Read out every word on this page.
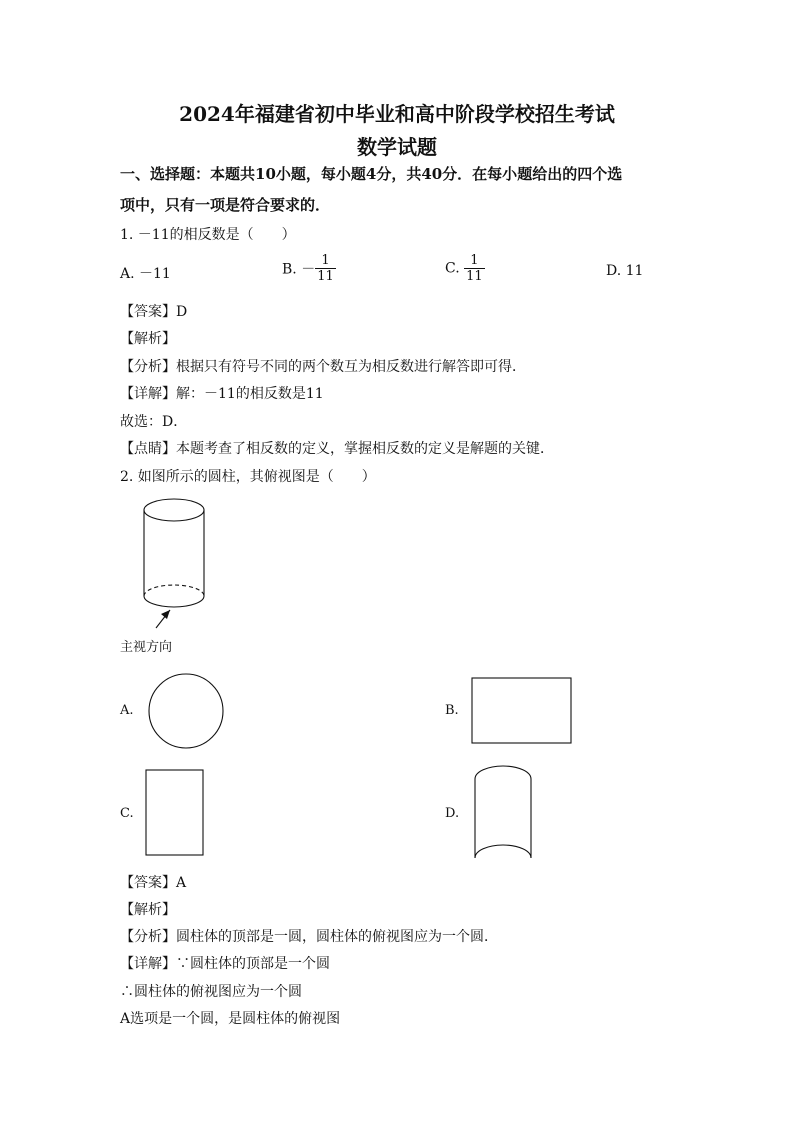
2024年福建省初中毕业和高中阶段学校招生考试
数学试题
一、选择题：本题共10小题，每小题4分，共40分．在每小题给出的四个选
项中，只有一项是符合要求的．
1. －11的相反数是（　　）
A. －11	B. － $\frac{1}{11}$	C. $\frac{1}{11}$	D. 11
【答案】D
【解析】
【分析】根据只有符号不同的两个数互为相反数进行解答即可得．
【详解】解：－11的相反数是11
故选：D．
【点睛】本题考查了相反数的定义，掌握相反数的定义是解题的关键．
2. 如图所示的圆柱，其俯视图是（　　）
主视方向
A.	B.
C.	D.
【答案】A
【解析】
【分析】圆柱体的顶部是一圆，圆柱体的俯视图应为一个圆．
【详解】∵圆柱体的顶部是一个圆
∴圆柱体的俯视图应为一个圆
A选项是一个圆，是圆柱体的俯视图
